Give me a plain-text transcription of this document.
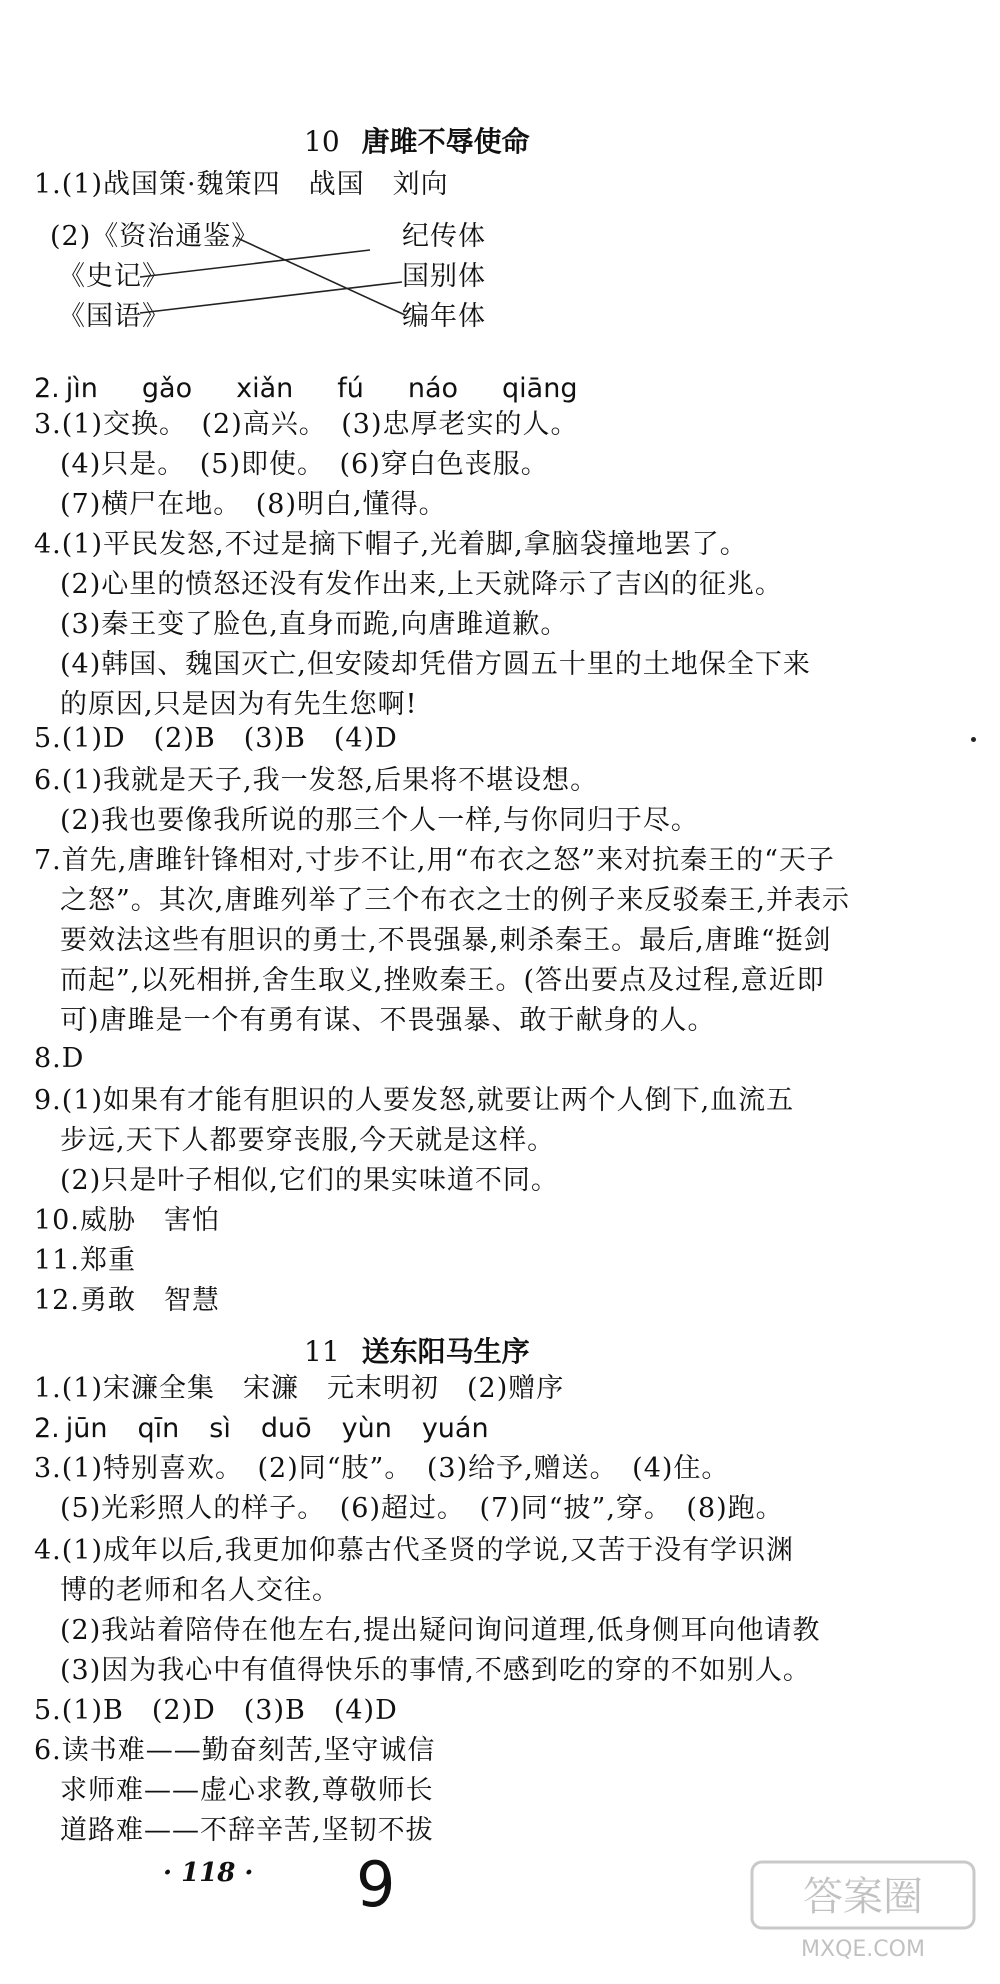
10 唐雎不辱使命
1.(1)战国策·魏策四　战国　刘向
(2)《资治通鉴》
《史记》
《国语》
纪传体
国别体
编年体
2. jìn gǎo xiǎn fú náo qiāng
3.(1)交换。　(2)高兴。　(3)忠厚老实的人。
(4)只是。　(5)即使。　(6)穿白色丧服。
(7)横尸在地。　(8)明白,懂得。
4.(1)平民发怒,不过是摘下帽子,光着脚,拿脑袋撞地罢了。
(2)心里的愤怒还没有发作出来,上天就降示了吉凶的征兆。
(3)秦王变了脸色,直身而跪,向唐雎道歉。
(4)韩国、魏国灭亡,但安陵却凭借方圆五十里的土地保全下来
的原因,只是因为有先生您啊!
5.(1)D　(2)B　(3)B　(4)D
6.(1)我就是天子,我一发怒,后果将不堪设想。
(2)我也要像我所说的那三个人一样,与你同归于尽。
7.首先,唐雎针锋相对,寸步不让,用“布衣之怒”来对抗秦王的“天子
之怒”。其次,唐雎列举了三个布衣之士的例子来反驳秦王,并表示
要效法这些有胆识的勇士,不畏强暴,刺杀秦王。最后,唐雎“挺剑
而起”,以死相拼,舍生取义,挫败秦王。(答出要点及过程,意近即
可)唐雎是一个有勇有谋、不畏强暴、敢于献身的人。
8.D
9.(1)如果有才能有胆识的人要发怒,就要让两个人倒下,血流五
步远,天下人都要穿丧服,今天就是这样。
(2)只是叶子相似,它们的果实味道不同。
10.威胁　害怕
11.郑重
12.勇敢　智慧
11 送东阳马生序
1.(1)宋濂全集　宋濂　元末明初　(2)赠序
2. jūn qīn sì duō yùn yuán
3.(1)特别喜欢。　(2)同“肢”。　(3)给予,赠送。　(4)住。
(5)光彩照人的样子。　(6)超过。　(7)同“披”,穿。　(8)跑。
4.(1)成年以后,我更加仰慕古代圣贤的学说,又苦于没有学识渊
博的老师和名人交往。
(2)我站着陪侍在他左右,提出疑问询问道理,低身侧耳向他请教
(3)因为我心中有值得快乐的事情,不感到吃的穿的不如别人。
5.(1)B　(2)D　(3)B　(4)D
6.读书难——勤奋刻苦,坚守诚信
求师难——虚心求教,尊敬师长
道路难——不辞辛苦,坚韧不拔
· 118 · 9	答案圈
MXQE.COM
